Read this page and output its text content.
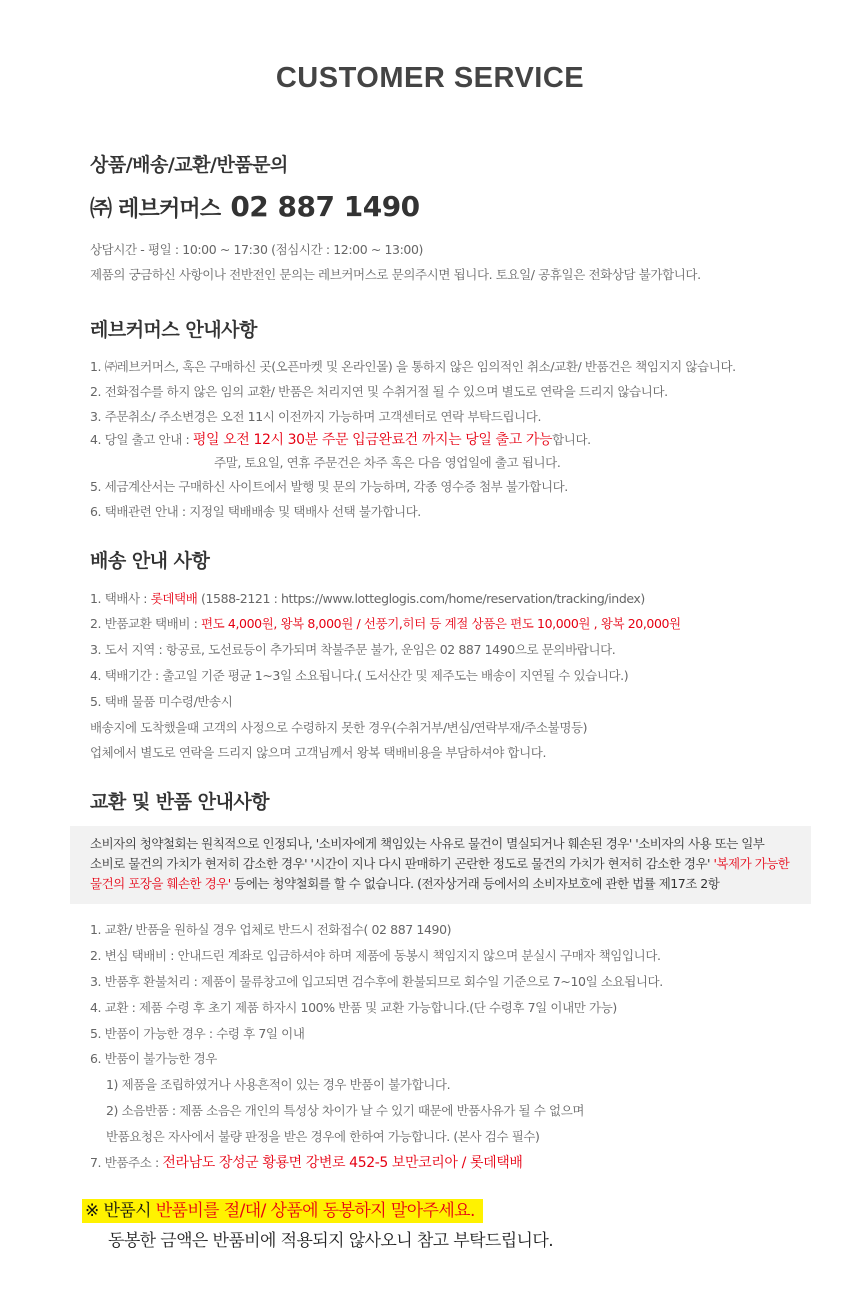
CUSTOMER SERVICE
상품/배송/교환/반품문의
㈜ 레브커머스 02 887 1490
상담시간 - 평일 : 10:00 ~ 17:30 (점심시간 : 12:00 ~ 13:00)
제품의 궁금하신 사항이나 전반전인 문의는 레브커머스로 문의주시면 됩니다. 토요일/ 공휴일은 전화상담 불가합니다.
레브커머스 안내사항
1. ㈜레브커머스, 혹은 구매하신 곳(오픈마켓 및 온라인몰) 을 통하지 않은 임의적인 취소/교환/ 반품건은 책임지지 않습니다.
2. 전화접수를 하지 않은 임의 교환/ 반품은 처리지연 및 수취거절 될 수 있으며 별도로 연락을 드리지 않습니다.
3. 주문취소/ 주소변경은 오전 11시 이전까지 가능하며 고객센터로 연락 부탁드립니다.
4. 당일 출고 안내 : 평일 오전 12시 30분 주문 입금완료건 까지는 당일 출고 가능합니다.
주말, 토요일, 연휴 주문건은 차주 혹은 다음 영업일에 출고 됩니다.
5. 세금계산서는 구매하신 사이트에서 발행 및 문의 가능하며, 각종 영수증 첨부 불가합니다.
6. 택배관련 안내 : 지정일 택배배송 및 택배사 선택 불가합니다.
배송 안내 사항
1. 택배사 : 롯데택배 (1588-2121 : https://www.lotteglogis.com/home/reservation/tracking/index)
2. 반품교환 택배비 : 편도 4,000원, 왕복 8,000원 / 선풍기,히터 등 계절 상품은 편도 10,000원 , 왕복 20,000원
3. 도서 지역 : 항공료, 도선료등이 추가되며 착불주문 불가, 운임은 02 887 1490으로 문의바랍니다.
4. 택배기간 : 출고일 기준 평균 1~3일 소요됩니다.( 도서산간 및 제주도는 배송이 지연될 수 있습니다.)
5. 택배 물품 미수령/반송시
배송지에 도착했을때 고객의 사정으로 수령하지 못한 경우(수취거부/변심/연락부재/주소불명등)
업체에서 별도로 연락을 드리지 않으며 고객님께서 왕복 택배비용을 부담하셔야 합니다.
교환 및 반품 안내사항
소비자의 청약철회는 원칙적으로 인정되나, '소비자에게 책임있는 사유로 물건이 멸실되거나 훼손된 경우' '소비자의 사용 또는 일부
소비로 물건의 가치가 현저히 감소한 경우' '시간이 지나 다시 판매하기 곤란한 정도로 물건의 가치가 현저히 감소한 경우' '복제가 가능한
물건의 포장을 훼손한 경우' 등에는 청약철회를 할 수 없습니다. (전자상거래 등에서의 소비자보호에 관한 법률 제17조 2항
1. 교환/ 반품을 원하실 경우 업체로 반드시 전화접수( 02 887 1490)
2. 변심 택배비 : 안내드린 계좌로 입금하셔야 하며 제품에 동봉시 책임지지 않으며 분실시 구매자 책임입니다.
3. 반품후 환불처리 : 제품이 물류창고에 입고되면 검수후에 환불되므로 회수일 기준으로 7~10일 소요됩니다.
4. 교환 : 제품 수령 후 초기 제품 하자시 100% 반품 및 교환 가능합니다.(단 수령후 7일 이내만 가능)
5. 반품이 가능한 경우 : 수령 후 7일 이내
6. 반품이 불가능한 경우
1) 제품을 조립하였거나 사용흔적이 있는 경우 반품이 불가합니다.
2) 소음반품 : 제품 소음은 개인의 특성상 차이가 날 수 있기 때문에 반품사유가 될 수 없으며
반품요청은 자사에서 불량 판정을 받은 경우에 한하여 가능합니다. (본사 검수 필수)
7. 반품주소 : 전라남도 장성군 황룡면 강변로 452-5 보만코리아 / 롯데택배
※ 반품시 반품비를 절/대/ 상품에 동봉하지 말아주세요.
동봉한 금액은 반품비에 적용되지 않사오니 참고 부탁드립니다.
